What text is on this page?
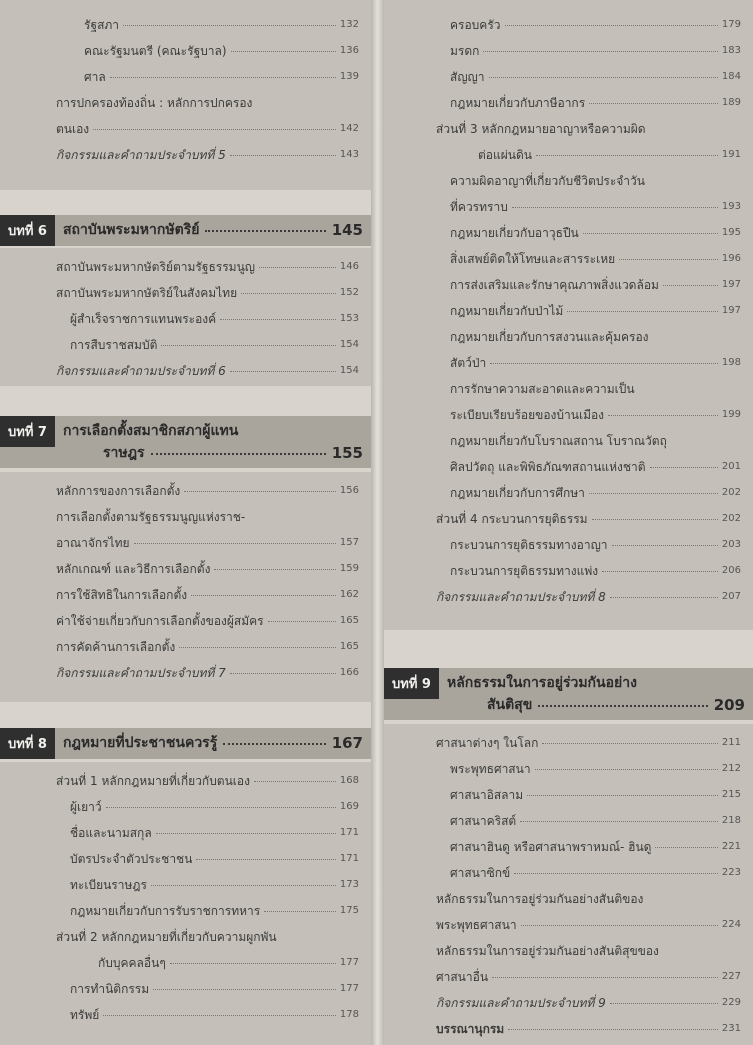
รัฐสภา	132
คณะรัฐมนตรี (คณะรัฐบาล)	136
ศาล	139
การปกครองท้องถิ่น : หลักการปกครอง
ตนเอง	142
กิจกรรมและคำถามประจำบทที่ 5	143
บทที่ 6	สถาบันพระมหากษัตริย์	145
สถาบันพระมหากษัตริย์ตามรัฐธรรมนูญ	146
สถาบันพระมหากษัตริย์ในสังคมไทย	152
ผู้สำเร็จราชการแทนพระองค์	153
การสืบราชสมบัติ	154
กิจกรรมและคำถามประจำบทที่ 6	154
บทที่ 7	การเลือกตั้งสมาชิกสภาผู้แทน
ราษฎร	155
หลักการของการเลือกตั้ง	156
การเลือกตั้งตามรัฐธรรมนูญแห่งราช-
อาณาจักรไทย	157
หลักเกณฑ์ และวิธีการเลือกตั้ง	159
การใช้สิทธิในการเลือกตั้ง	162
ค่าใช้จ่ายเกี่ยวกับการเลือกตั้งของผู้สมัคร	165
การคัดค้านการเลือกตั้ง	165
กิจกรรมและคำถามประจำบทที่ 7	166
บทที่ 8	กฎหมายที่ประชาชนควรรู้	167
ส่วนที่ 1 หลักกฎหมายที่เกี่ยวกับตนเอง	168
ผู้เยาว์	169
ชื่อและนามสกุล	171
บัตรประจำตัวประชาชน	171
ทะเบียนราษฎร	173
กฎหมายเกี่ยวกับการรับราชการทหาร	175
ส่วนที่ 2 หลักกฎหมายที่เกี่ยวกับความผูกพัน
กับบุคคลอื่นๆ	177
การทำนิติกรรม	177
ทรัพย์	178
ครอบครัว	179
มรดก	183
สัญญา	184
กฎหมายเกี่ยวกับภาษีอากร	189
ส่วนที่ 3 หลักกฎหมายอาญาหรือความผิด
ต่อแผ่นดิน	191
ความผิดอาญาที่เกี่ยวกับชีวิตประจำวัน
ที่ควรทราบ	193
กฎหมายเกี่ยวกับอาวุธปืน	195
สิ่งเสพย์ติดให้โทษและสารระเหย	196
การส่งเสริมและรักษาคุณภาพสิ่งแวดล้อม	197
กฎหมายเกี่ยวกับป่าไม้	197
กฎหมายเกี่ยวกับการสงวนและคุ้มครอง
สัตว์ป่า	198
การรักษาความสะอาดและความเป็น
ระเบียบเรียบร้อยของบ้านเมือง	199
กฎหมายเกี่ยวกับโบราณสถาน โบราณวัตถุ
ศิลปวัตถุ และพิพิธภัณฑสถานแห่งชาติ	201
กฎหมายเกี่ยวกับการศึกษา	202
ส่วนที่ 4 กระบวนการยุติธรรม	202
กระบวนการยุติธรรมทางอาญา	203
กระบวนการยุติธรรมทางแพ่ง	206
กิจกรรมและคำถามประจำบทที่ 8	207
บทที่ 9	หลักธรรมในการอยู่ร่วมกันอย่าง
สันติสุข	209
ศาสนาต่างๆ ในโลก	211
พระพุทธศาสนา	212
ศาสนาอิสลาม	215
ศาสนาคริสต์	218
ศาสนาฮินดู หรือศาสนาพราหมณ์- ฮินดู	221
ศาสนาซิกข์	223
หลักธรรมในการอยู่ร่วมกันอย่างสันติของ
พระพุทธศาสนา	224
หลักธรรมในการอยู่ร่วมกันอย่างสันติสุขของ
ศาสนาอื่น	227
กิจกรรมและคำถามประจำบทที่ 9	229
บรรณานุกรม	231
